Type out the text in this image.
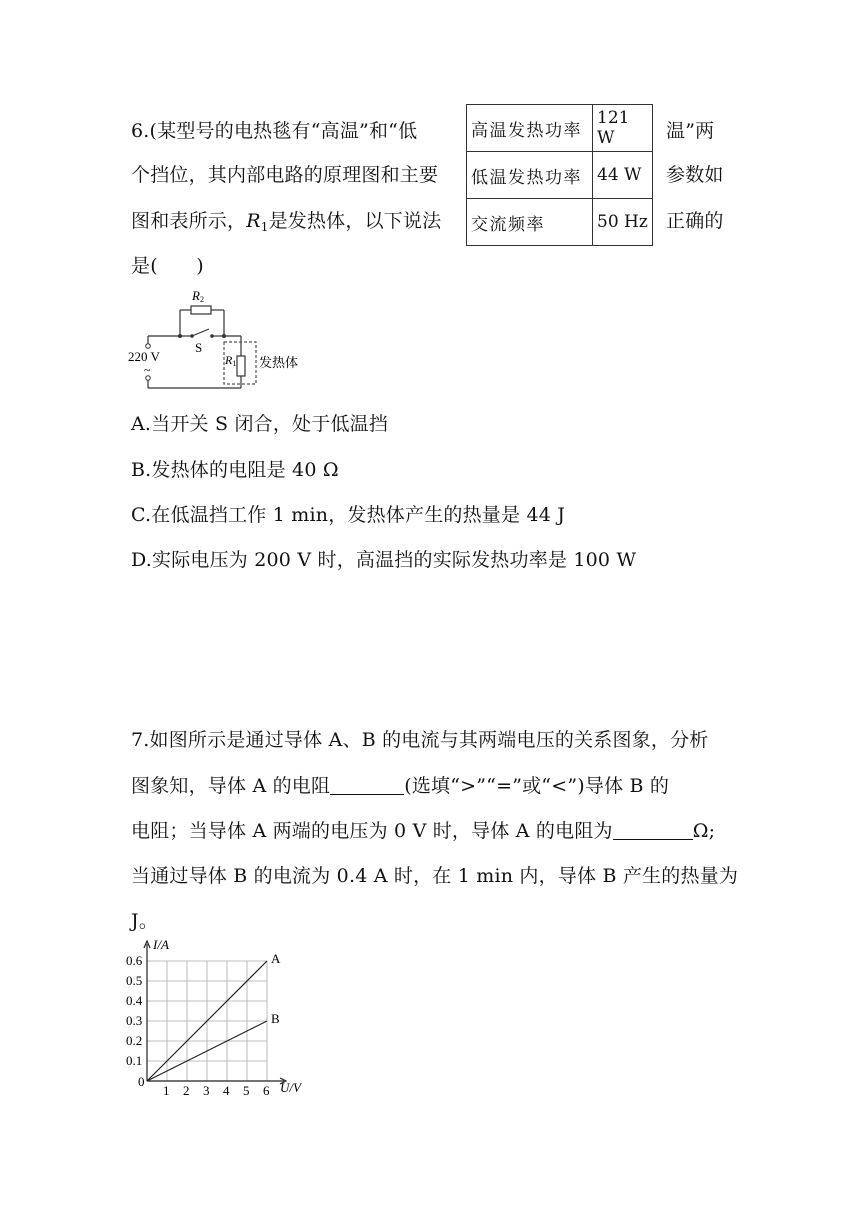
6.(某型号的电热毯有“高温”和“低	温”两
个挡位，其内部电路的原理图和主要	参数如
图和表所示，$R_1$是发热体，以下说法	正确的
是(　　)
高温发热功率	121 W
低温发热功率	44 W
交流频率	50 Hz
R2
S
220 V
~
R1 发热体
A.当开关 S 闭合，处于低温挡
B.发热体的电阻是 40 Ω
C.在低温挡工作 1 min，发热体产生的热量是 44 J
D.实际电压为 200 V 时，高温挡的实际发热功率是 100 W
7.如图所示是通过导体 A、B 的电流与其两端电压的关系图象，分析
图象知，导体 A 的电阻	(选填“>”“=”或“<”)导体 B 的
电阻；当导体 A 两端的电压为 0 V 时，导体 A 的电阻为	Ω;
当通过导体 B 的电流为 0.4 A 时，在 1 min 内，导体 B 产生的热量为
J。
A
B
1 2 3 4 5 6
0.1
0.2
0.3
0.4
0.5
0.6
I/A
U/V
0
